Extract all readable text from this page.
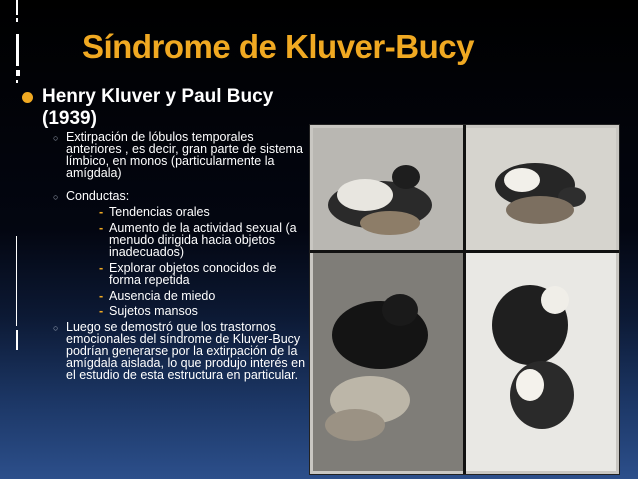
Síndrome de Kluver-Bucy
Henry Kluver y Paul Bucy (1939)
○ Extirpación de lóbulos temporales anteriores , es decir, gran parte de sistema límbico, en monos (particularmente la amígdala)
○ Conductas:
- Tendencias orales
- Aumento de la actividad sexual (a menudo dirigida hacia objetos inadecuados)
- Explorar objetos conocidos de forma repetida
- Ausencia de miedo
- Sujetos mansos
○ Luego se demostró que los trastornos emocionales del síndrome de Kluver-Bucy podrían generarse por la extirpación de la amígdala aislada, lo que produjo interés en el estudio de esta estructura en particular.
